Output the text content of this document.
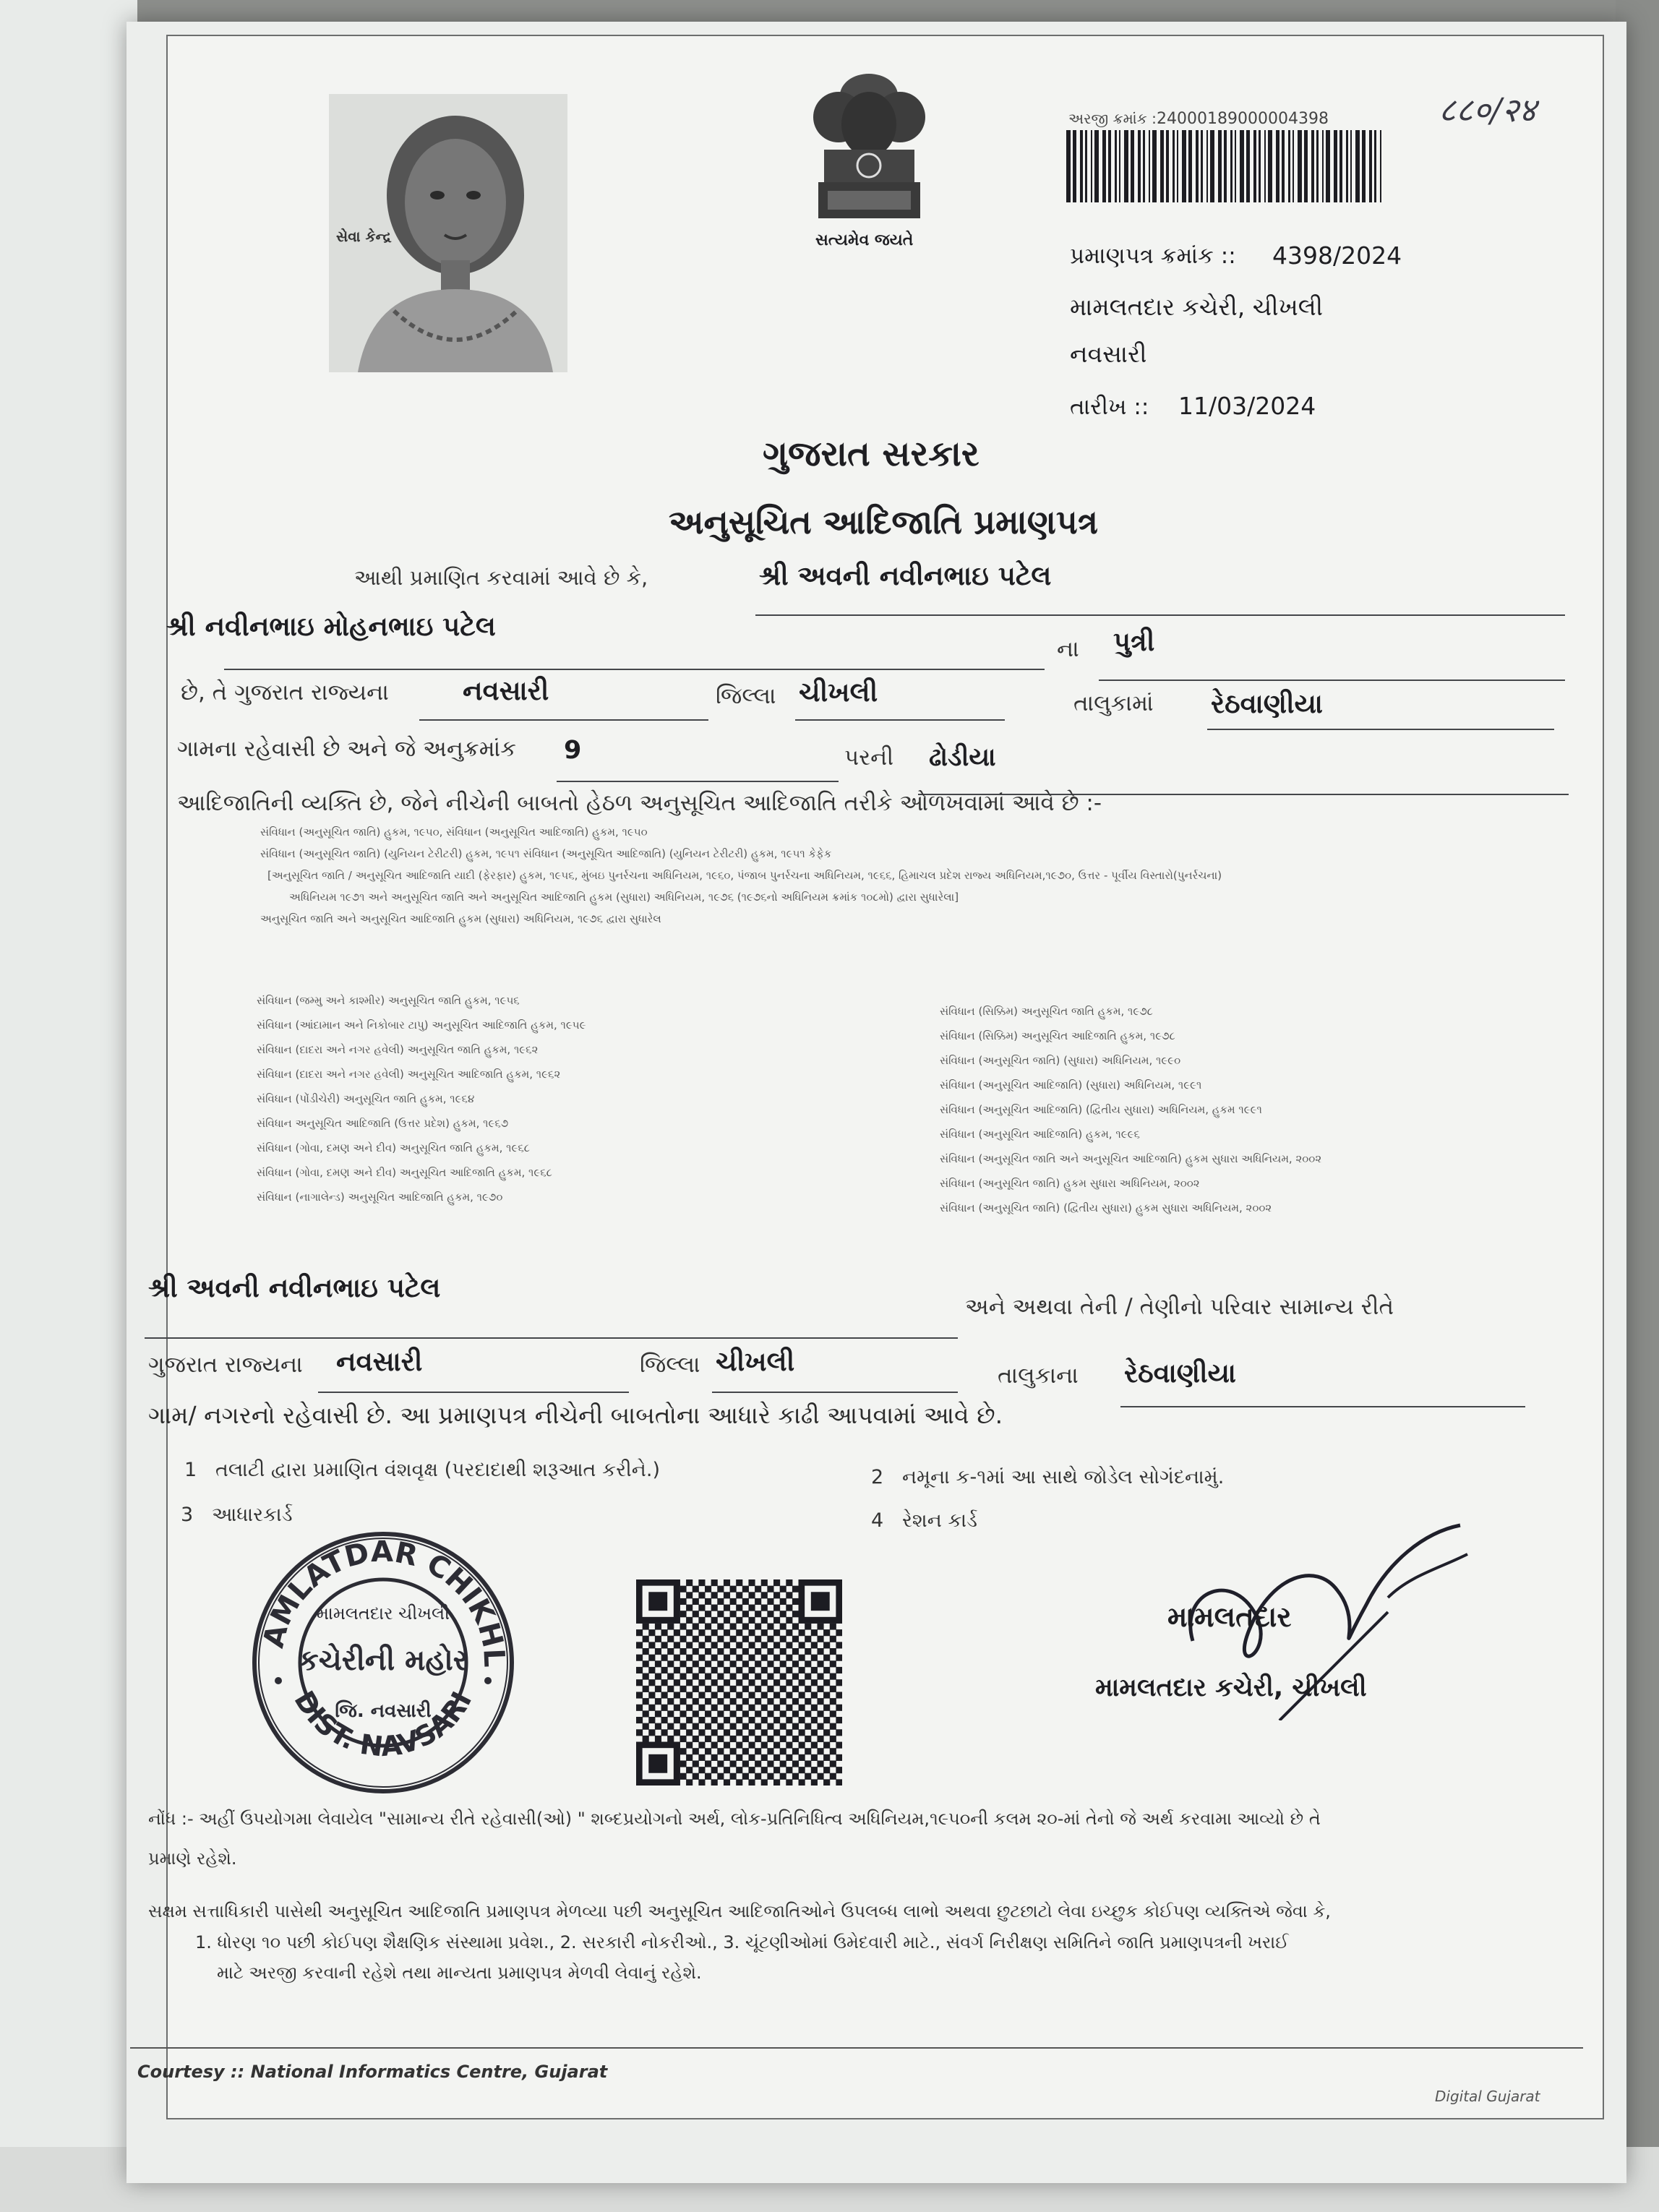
८८०/२४
સેવા કેન્દ્ર	સત્યમેવ જયતે
અરજી ક્રમાંક : 24000189000004398
પ્રમાણપત્ર ક્રમાંક :: 4398/2024
મામલતદાર કચેરી, ચીખલી
નવસારી
તારીખ :: 11/03/2024
ગુજરાત સરકાર
અનુસૂચિત આદિજાતિ પ્રમાણપત્ર
આથી પ્રમાણિત કરવામાં આવે છે કે,	શ્રી અવની નવીનભાઇ પટેલ
શ્રી નવીનભાઇ મોહનભાઇ પટેલ
ના પુત્રી
છે, તે ગુજરાત રાજ્યના	નવસારી	જિલ્લા ચીખલી	તાલુકામાં રેઠવાણીયા
ગામના રહેવાસી છે અને જે અનુક્રમાંક 9	પરની ઢોડીયા
આદિજાતિની વ્યક્તિ છે, જેને નીચેની બાબતો હેઠળ અનુસૂચિત આદિજાતિ તરીકે ઓળખવામાં આવે છે :-
સંવિધાન (અનુસૂચિત જાતિ) હુકમ, ૧૯૫૦, સંવિધાન (અનુસૂચિત આદિજાતિ) હુકમ, ૧૯૫૦
સંવિધાન (અનુસૂચિત જાતિ) (યુનિયન ટેરીટરી) હુકમ, ૧૯૫૧ સંવિધાન (અનુસૂચિત આદિજાતિ) (યુનિયન ટેરીટરી) હુકમ, ૧૯૫૧ કેફેક
[અનુસૂચિત જાતિ / અનુસૂચિત આદિજાતિ યાદી (ફેરફાર) હુકમ, ૧૯૫૬, મુંબઇ પુનર્રચના અધિનિયમ, ૧૯૬૦, પંજાબ પુનર્રચના અધિનિયમ, ૧૯૬૬, હિમાચલ પ્રદેશ રાજ્ય અધિનિયમ,૧૯૭૦, ઉત્તર - પૂર્વીય વિસ્તારો(પુનર્રચના)
અધિનિયમ ૧૯૭૧ અને અનુસૂચિત જાતિ અને અનુસૂચિત આદિજાતિ હુકમ (સુધારા) અધિનિયમ, ૧૯૭૬ (૧૯૭૬નો અધિનિયમ ક્રમાંક ૧૦૮મો) દ્વારા સુધારેલા]
અનુસૂચિત જાતિ અને અનુસૂચિત આદિજાતિ હુકમ (સુધારા) અધિનિયમ, ૧૯૭૬ દ્વારા સુધારેલ
સંવિધાન (જમ્મુ અને કાશ્મીર) અનુસૂચિત જાતિ હુકમ, ૧૯૫૬
સંવિધાન (આંદામાન અને નિકોબાર ટાપુ) અનુસૂચિત આદિજાતિ હુકમ, ૧૯૫૯
સંવિધાન (દાદરા અને નગર હવેલી) અનુસૂચિત જાતિ હુકમ, ૧૯૬૨
સંવિધાન (દાદરા અને નગર હવેલી) અનુસૂચિત આદિજાતિ હુકમ, ૧૯૬૨
સંવિધાન (પોંડીચેરી) અનુસૂચિત જાતિ હુકમ, ૧૯૬૪
સંવિધાન અનુસૂચિત આદિજાતિ (ઉત્તર પ્રદેશ) હુકમ, ૧૯૬૭
સંવિધાન (ગોવા, દમણ અને દીવ) અનુસૂચિત જાતિ હુકમ, ૧૯૬૮
સંવિધાન (ગોવા, દમણ અને દીવ) અનુસૂચિત આદિજાતિ હુકમ, ૧૯૬૮
સંવિધાન (નાગાલેન્ડ) અનુસૂચિત આદિજાતિ હુકમ, ૧૯૭૦
સંવિધાન (સિક્કિમ) અનુસૂચિત જાતિ હુકમ, ૧૯૭૮
સંવિધાન (સિક્કિમ) અનુસૂચિત આદિજાતિ હુકમ, ૧૯૭૮
સંવિધાન (અનુસૂચિત જાતિ) (સુધારા) અધિનિયમ, ૧૯૯૦
સંવિધાન (અનુસૂચિત આદિજાતિ) (સુધારા) અધિનિયમ, ૧૯૯૧
સંવિધાન (અનુસૂચિત આદિજાતિ) (દ્વિતીય સુધારા) અધિનિયમ, હુકમ ૧૯૯૧
સંવિધાન (અનુસૂચિત આદિજાતિ) હુકમ, ૧૯૯૬
સંવિધાન (અનુસૂચિત જાતિ અને અનુસૂચિત આદિજાતિ) હુકમ સુધારા અધિનિયમ, ૨૦૦૨
સંવિધાન (અનુસૂચિત જાતિ) હુકમ સુધારા અધિનિયમ, ૨૦૦૨
સંવિધાન (અનુસૂચિત જાતિ) (દ્વિતીય સુધારા) હુકમ સુધારા અધિનિયમ, ૨૦૦૨
શ્રી અવની નવીનભાઇ પટેલ
અને અથવા તેની / તેણીનો પરિવાર સામાન્ય રીતે
ગુજરાત રાજ્યના નવસારી	જિલ્લા ચીખલી	તાલુકાના રેઠવાણીયા
ગામ/ નગરનો રહેવાસી છે. આ પ્રમાણપત્ર નીચેની બાબતોના આધારે કાઢી આપવામાં આવે છે.
1 તલાટી દ્વારા પ્રમાણિત વંશવૃક્ષ (પરદાદાથી શરૂઆત કરીને.)	2 નમૂના ક-૧માં આ સાથે જોડેલ સોગંદનામું.
3 આધારકાર્ડ	4 રેશન કાર્ડ
AMLATDAR CHIKHL
DIST. NAVSARI
મામલતદાર ચીખલી
કચેરીની મહોર
જિ. નવસારી
મામલતદાર
મામલતદાર કચેરી, ચીખલી
નોંધ :- અહીં ઉપયોગમા લેવાયેલ "સામાન્ય રીતે રહેવાસી(ઓ) " શબ્દપ્રયોગનો અર્થ, લોક-પ્રતિનિધિત્વ અધિનિયમ,૧૯૫૦ની કલમ ૨૦-માં તેનો જે અર્થ કરવામા આવ્યો છે તે
પ્રમાણે રહેશે.
સક્ષમ સત્તાધિકારી પાસેથી અનુસૂચિત આદિજાતિ પ્રમાણપત્ર મેળવ્યા પછી અનુસૂચિત આદિજાતિઓને ઉપલબ્ધ લાભો અથવા છુટછાટો લેવા ઇચ્છુક કોઈપણ વ્યક્તિએ જેવા કે,
1. ધોરણ ૧૦ પછી કોઈપણ શૈક્ષણિક સંસ્થામા પ્રવેશ., 2. સરકારી નોકરીઓ., 3. ચૂંટણીઓમાં ઉમેદવારી માટે., સંવર્ગ નિરીક્ષણ સમિતિને જાતિ પ્રમાણપત્રની ખરાઈ
માટે અરજી કરવાની રહેશે તથા માન્યતા પ્રમાણપત્ર મેળવી લેવાનું રહેશે.
Courtesy :: National Informatics Centre, Gujarat
Digital Gujarat
